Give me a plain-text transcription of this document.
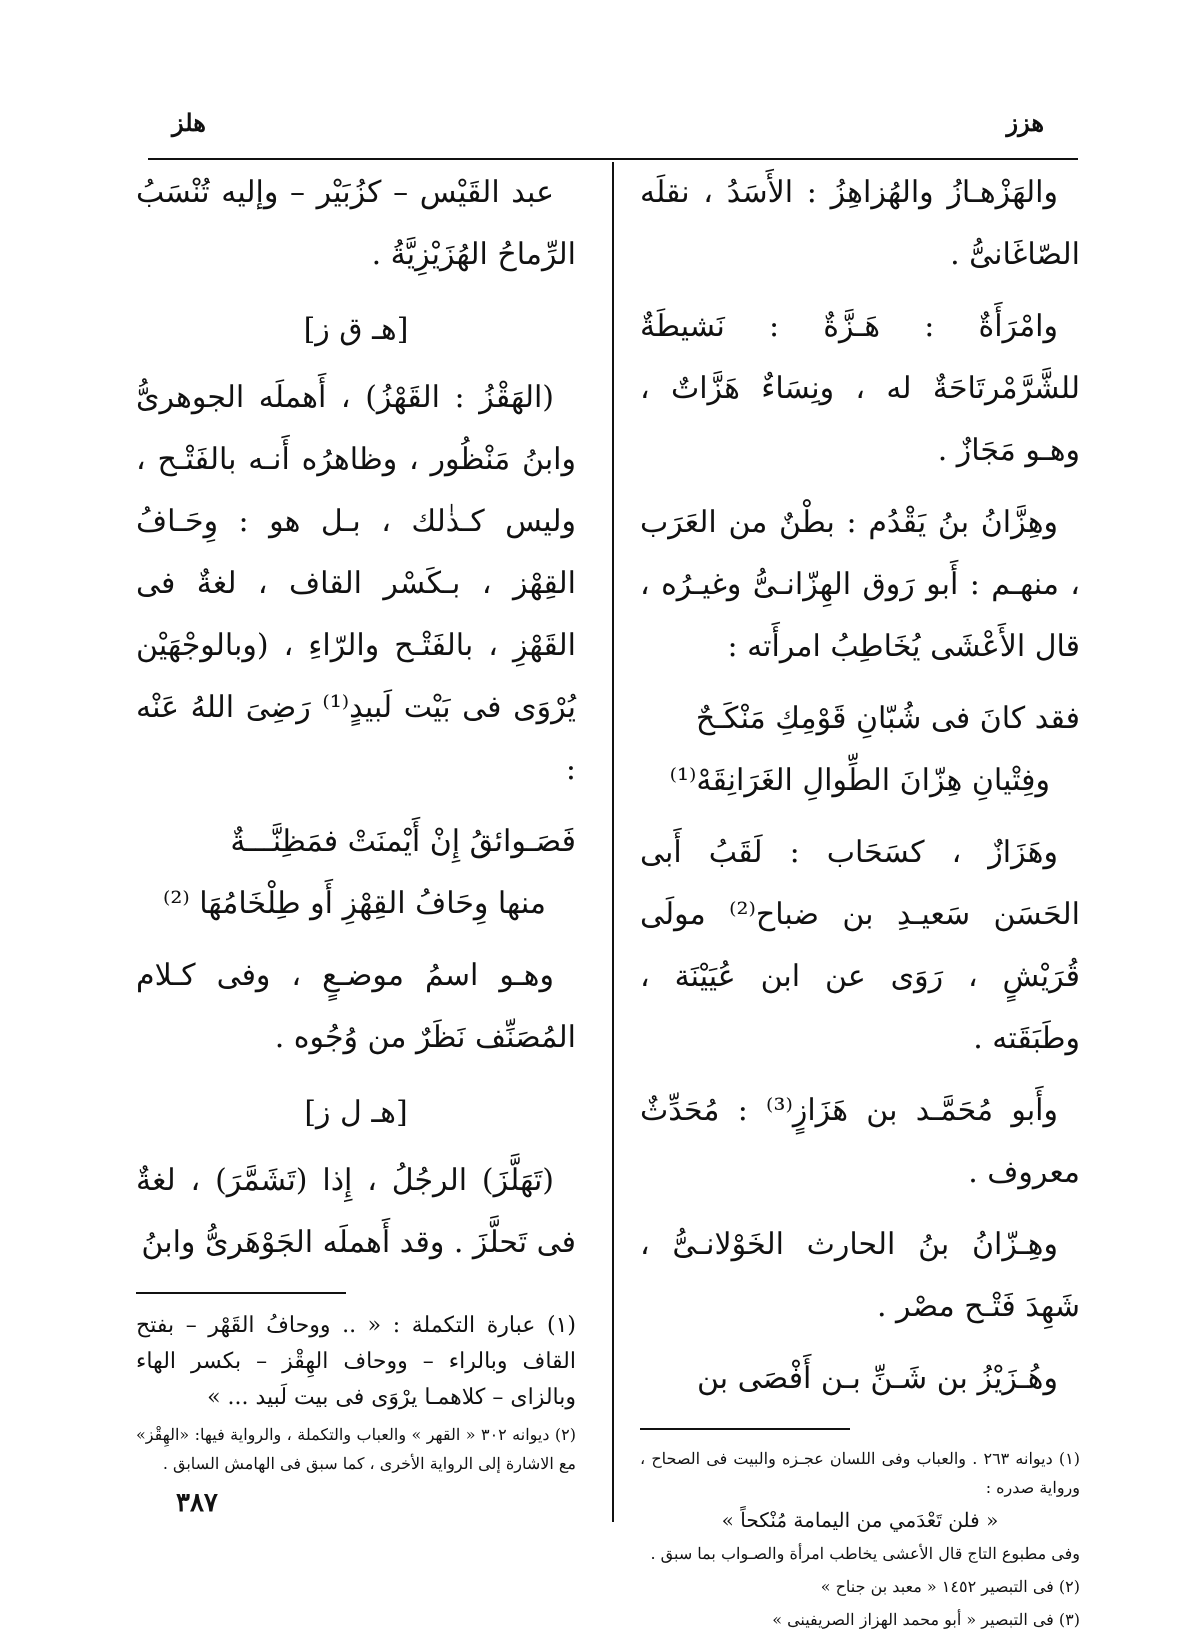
هزز
هلز

والهَزْهـازُ والهُزاهِزُ : الأَسَدُ ، نقلَه الصّاغَانىُّ .

وامْرَأَةٌ : هَـزَّةٌ : نَشيطَةٌ للشَّرَّمْرتَاحَةٌ له ، ونِسَاءٌ هَزَّاتٌ ، وهـو مَجَازٌ .

وهِزَّانُ بنُ يَقْدُم : بطْنٌ من العَرَب ، منهـم : أَبو رَوق الهِزّانـىُّ وغيـرُه ، قال الأَعْشَى يُخَاطِبُ امرأَته :

فقد كانَ فى شُبّانِ قَوْمِكِ مَنْكَـحٌ
وفِتْيانِ هِزّانَ الطِّوالِ الغَرَانِقَهْ⁽¹⁾

وهَزَازٌ ، كسَحَاب : لَقَبُ أَبى الحَسَن سَعيـدِ بن ضباح⁽²⁾ مولَى قُرَيْشٍ ، رَوَى عن ابن عُيَيْنَة ، وطَبَقَته .

وأَبو مُحَمَّـد بن هَزَازٍ⁽³⁾ : مُحَدِّثٌ معروف .

وهِـزّانُ بنُ الحارث الخَوْلانـىُّ ، شَهِدَ فَتْـح مصْر .

وهُـزَيْزُ بن شَـنِّ بـن أَفْصَى بن

(١) ديوانه ٢٦٣ . والعباب وفى اللسان عجـزه والبيت فى الصحاح ، ورواية صدره :

« فلن تَعْدَمي من اليمامة مُنْكحاً »

وفى مطبوع التاج قال الأعشى يخاطب امرأة والصـواب بما سبق .

(٢) فى التبصير ١٤٥٢ « معبد بن جناح »

(٣) فى التبصير « أبو محمد الهزاز الصريفينى »

عبد القَيْس – كزُبَيْر – وإليه تُنْسَبُ الرِّماحُ الهُزَيْزِيَّةُ .

[هـ ق ز]

(الهَقْزُ : القَهْزُ) ، أَهملَه الجوهرىُّ وابنُ مَنْظُور ، وظاهرُه أَنـه بالفَتْـح ، وليس كـذٰلك ، بـل هو : وِحَـافُ القِهْز ، بـكَسْر القاف ، لغةٌ فى القَهْزِ ، بالفَتْـح والرّاءِ ، (وبالوجْهَيْن يُرْوَى فى بَيْت لَبيدٍ⁽¹⁾ رَضِىَ اللهُ عَنْه :

فَصَـوائقُ إِنْ أَيْمنَتْ فمَظِنَّـــةٌ
منها وِحَافُ القِهْزِ أَو طِلْخَامُهَا ⁽²⁾

وهـو اسمُ موضـعٍ ، وفى كـلام المُصَنِّف نَظَرٌ من وُجُوه .

[هـ ل ز]

(تَهَلَّزَ) الرجُلُ ، إِذا (تَشَمَّرَ) ، لغةٌ فى تَحلَّزَ . وقد أَهملَه الجَوْهَرىُّ وابنُ

(١) عبارة التكملة : « .. ووحافُ القَهْر – بفتح القاف وبالراء – ووحاف الهِقْز – بكسر الهاء وبالزاى – كلاهمـا يرْوَى فى بيت لَبيد ... »

(٢) ديوانه ٣٠٢ « القهر » والعباب والتكملة ، والرواية فيها: «الهِقْز» مع الاشارة إلى الرواية الأخرى ، كما سبق فى الهامش السابق .

٣٨٧
